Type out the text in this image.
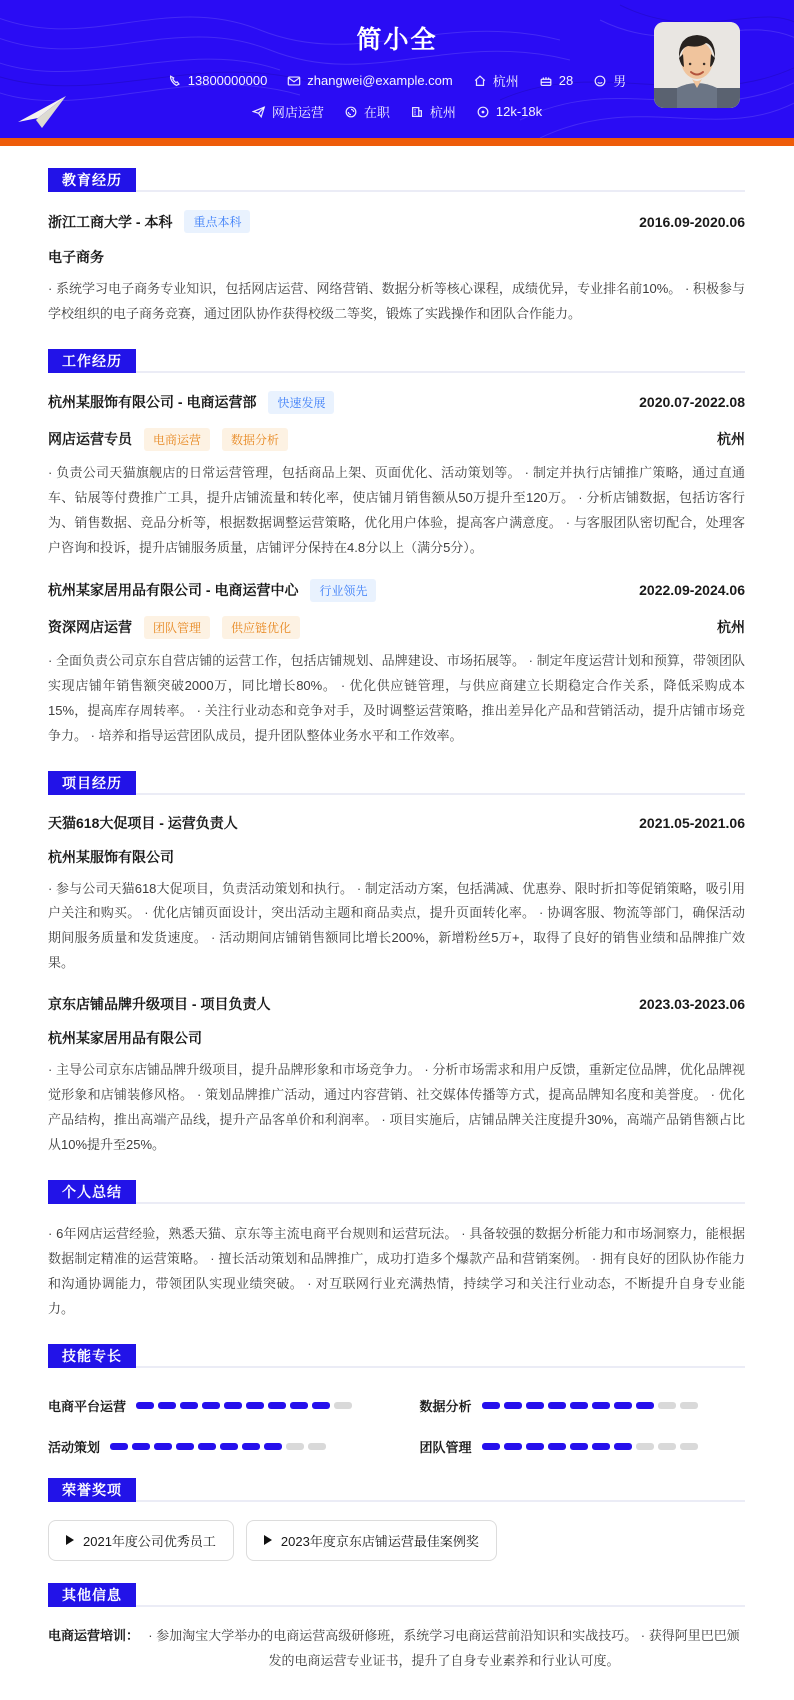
简小全
13800000000	zhangwei@example.com	杭州	28	男
网店运营	在职	杭州	12k-18k
教育经历
浙江工商大学 - 本科	重点本科	2016.09-2020.06
电子商务
· 系统学习电子商务专业知识，包括网店运营、网络营销、数据分析等核心课程，成绩优异，专业排名前10%。 · 积极参与学校组织的电子商务竞赛，通过团队协作获得校级二等奖，锻炼了实践操作和团队合作能力。
工作经历
杭州某服饰有限公司 - 电商运营部	快速发展	2020.07-2022.08
网店运营专员	电商运营	数据分析	杭州
· 负责公司天猫旗舰店的日常运营管理，包括商品上架、页面优化、活动策划等。 · 制定并执行店铺推广策略，通过直通车、钻展等付费推广工具，提升店铺流量和转化率，使店铺月销售额从50万提升至120万。 · 分析店铺数据，包括访客行为、销售数据、竞品分析等，根据数据调整运营策略，优化用户体验，提高客户满意度。 · 与客服团队密切配合，处理客户咨询和投诉，提升店铺服务质量，店铺评分保持在4.8分以上（满分5分）。
杭州某家居用品有限公司 - 电商运营中心	行业领先	2022.09-2024.06
资深网店运营	团队管理	供应链优化	杭州
· 全面负责公司京东自营店铺的运营工作，包括店铺规划、品牌建设、市场拓展等。 · 制定年度运营计划和预算，带领团队实现店铺年销售额突破2000万，同比增长80%。 · 优化供应链管理，与供应商建立长期稳定合作关系，降低采购成本15%，提高库存周转率。 · 关注行业动态和竞争对手，及时调整运营策略，推出差异化产品和营销活动，提升店铺市场竞争力。 · 培养和指导运营团队成员，提升团队整体业务水平和工作效率。
项目经历
天猫618大促项目 - 运营负责人	2021.05-2021.06
杭州某服饰有限公司
· 参与公司天猫618大促项目，负责活动策划和执行。 · 制定活动方案，包括满减、优惠券、限时折扣等促销策略，吸引用户关注和购买。 · 优化店铺页面设计，突出活动主题和商品卖点，提升页面转化率。 · 协调客服、物流等部门，确保活动期间服务质量和发货速度。 · 活动期间店铺销售额同比增长200%，新增粉丝5万+，取得了良好的销售业绩和品牌推广效果。
京东店铺品牌升级项目 - 项目负责人	2023.03-2023.06
杭州某家居用品有限公司
· 主导公司京东店铺品牌升级项目，提升品牌形象和市场竞争力。 · 分析市场需求和用户反馈，重新定位品牌，优化品牌视觉形象和店铺装修风格。 · 策划品牌推广活动，通过内容营销、社交媒体传播等方式，提高品牌知名度和美誉度。 · 优化产品结构，推出高端产品线，提升产品客单价和利润率。 · 项目实施后，店铺品牌关注度提升30%，高端产品销售额占比从10%提升至25%。
个人总结
· 6年网店运营经验，熟悉天猫、京东等主流电商平台规则和运营玩法。 · 具备较强的数据分析能力和市场洞察力，能根据数据制定精准的运营策略。 · 擅长活动策划和品牌推广，成功打造多个爆款产品和营销案例。 · 拥有良好的团队协作能力和沟通协调能力，带领团队实现业绩突破。 · 对互联网行业充满热情，持续学习和关注行业动态，不断提升自身专业能力。
技能专长
电商平台运营	数据分析
活动策划	团队管理
荣誉奖项
2021年度公司优秀员工	2023年度京东店铺运营最佳案例奖
其他信息
电商运营培训： · 参加淘宝大学举办的电商运营高级研修班，系统学习电商运营前沿知识和实战技巧。 · 获得阿里巴巴颁发的电商运营专业证书，提升了自身专业素养和行业认可度。
